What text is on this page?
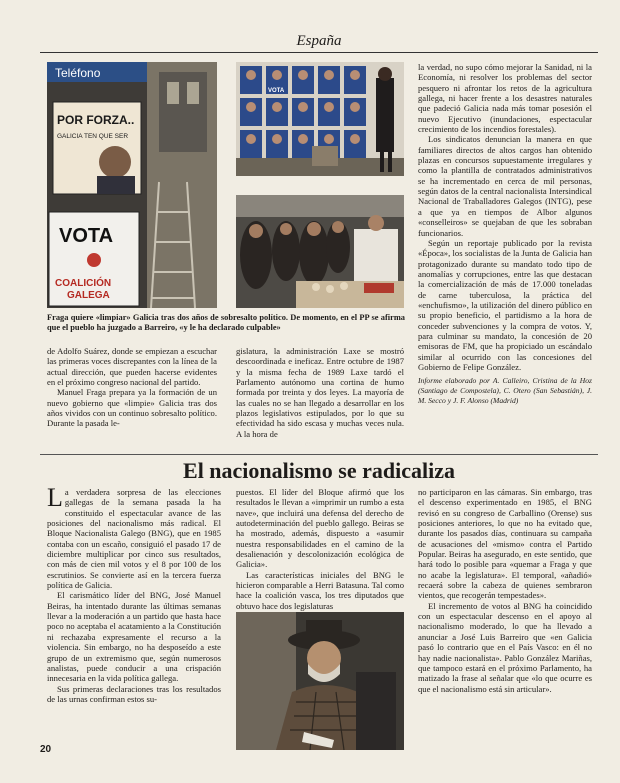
España
Teléfono
POR FORZA..
GALICIA TEN QUE SER
VOTA
COALICIÓN
GALEGA
VOTA
Fraga quiere «limpiar» Galicia tras dos años de sobresalto político. De momento, en el PP se afirma que el pueblo ha juzgado a Barreiro, «y le ha declarado culpable»

de Adolfo Suárez, donde se empiezan a escuchar las primeras voces discrepantes con la línea de la actual dirección, que pueden hacerse evidentes en el próximo congreso nacional del partido.

Manuel Fraga prepara ya la formación de un nuevo gobierno que «limpie» Galicia tras dos años vividos con un continuo sobresalto político. Durante la pasada le-

gislatura, la administración Laxe se mostró descoordinada e ineficaz. Entre octubre de 1987 y la misma fecha de 1989 Laxe tardó el Parlamento autónomo una cortina de humo formada por treinta y dos leyes. La mayoría de las cuales no se han llegado a desarrollar en los plazos legislativos estipulados, por lo que su efectividad ha sido escasa y muchas veces nula. A la hora de

la verdad, no supo cómo mejorar la Sanidad, ni la Economía, ni resolver los problemas del sector pesquero ni afrontar los retos de la agricultura gallega, ni hacer frente a los desastres naturales que padeció Galicia nada más tomar posesión el nuevo Ejecutivo (inundaciones, espectacular crecimiento de los incendios forestales).

Los sindicatos denuncian la manera en que familiares directos de altos cargos han obtenido plazas en concursos supuestamente irregulares y como la plantilla de contratados administrativos se ha incrementado en cerca de mil personas, según datos de la central nacionalista Intersindical Nacional de Traballadores Galegos (INTG), pese a que ya en tiempos de Albor algunos «conselleiros» se quejaban de que les sobraban funcionarios.

Según un reportaje publicado por la revista «Época», los socialistas de la Junta de Galicia han protagonizado durante su mandato todo tipo de anomalías y corrupciones, entre las que destacan la comercialización de más de 17.000 toneladas de carne tuberculosa, la práctica del «enchufismo», la utilización del dinero público en su propio beneficio, el partidismo a la hora de conceder subvenciones y la compra de votos. Y, para culminar su mandato, la concesión de 20 emisoras de FM, que ha propiciado un escándalo similar al ocurrido con las concesiones del Gobierno de Felipe González.

Informe elaborado por A. Calleiro, Cristina de la Hoz (Santiago de Compostela), C. Otero (San Sebastián), J. M. Secco y J. F. Alonso (Madrid)

El nacionalismo se radicaliza

La verdadera sorpresa de las elecciones gallegas de la semana pasada la ha constituido el espectacular avance de las posiciones del nacionalismo más radical. El Bloque Nacionalista Galego (BNG), que en 1985 contaba con un escaño, consiguió el pasado 17 de diciembre multiplicar por cinco sus resultados, con más de cien mil votos y el 8 por 100 de los escrutinios. Se convierte así en la tercera fuerza política de Galicia.

El carismático líder del BNG, José Manuel Beiras, ha intentado durante las últimas semanas llevar a la moderación a un partido que hasta hace poco no aceptaba el acatamiento a la Constitución ni rechazaba expresamente el recurso a la violencia. Sin embargo, no ha desposeído a este grupo de un extremismo que, según numerosos analistas, puede conducir a una crispación innecesaria en la vida política gallega.

Sus primeras declaraciones tras los resultados de las urnas confirman estos su-

puestos. El líder del Bloque afirmó que los resultados le llevan a «imprimir un rumbo a esta nave», que incluirá una defensa del derecho de autodeterminación del pueblo gallego. Beiras se ha mostrado, además, dispuesto a «asumir nuestra responsabilidades en el camino de la desalienación y descolonización ecológica de Galicia».

Las características iniciales del BNG le hicieron comparable a Herri Batasuna. Tal como hace la coalición vasca, los tres diputados que obtuvo hace dos legislaturas

no participaron en las cámaras. Sin embargo, tras el descenso experimentado en 1985, el BNG revisó en su congreso de Carballino (Orense) sus posiciones anteriores, lo que no ha evitado que, durante los pasados días, continuara su campaña de acusaciones del «mismo» contra el Partido Popular. Beiras ha asegurado, en este sentido, que hará todo lo posible para «quemar a Fraga y que no acabe la legislatura». El temporal, «añadió» recaerá sobre la cabeza de quienes sembraron vientos, que recogerán tempestades».

El incremento de votos al BNG ha coincidido con un espectacular descenso en el apoyo al nacionalismo moderado, lo que ha llevado a anunciar a José Luis Barreiro que «en Galicia pasó lo contrario que en el País Vasco: en él no hay nadie nacionalista». Pablo González Mariñas, que tampoco estará en el próximo Parlamento, ha matizado la frase al señalar que «lo que ocurre es que el nacionalismo está sin articular».

20
